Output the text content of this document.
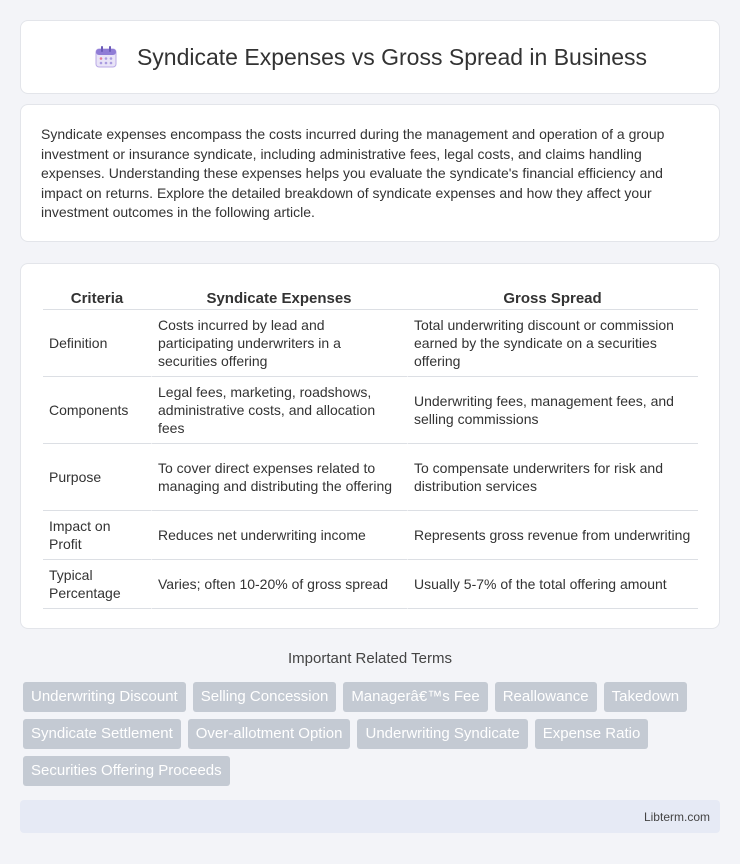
Syndicate Expenses vs Gross Spread in Business

Syndicate expenses encompass the costs incurred during the management and operation of a group investment or insurance syndicate, including administrative fees, legal costs, and claims handling expenses. Understanding these expenses helps you evaluate the syndicate's financial efficiency and impact on returns. Explore the detailed breakdown of syndicate expenses and how they affect your investment outcomes in the following article.

Criteria	Syndicate Expenses	Gross Spread
Definition	Costs incurred by lead and participating underwriters in a securities offering	Total underwriting discount or commission earned by the syndicate on a securities offering
Components	Legal fees, marketing, roadshows, administrative costs, and allocation fees	Underwriting fees, management fees, and selling commissions
Purpose	To cover direct expenses related to managing and distributing the offering	To compensate underwriters for risk and distribution services
Impact on Profit	Reduces net underwriting income	Represents gross revenue from underwriting
Typical Percentage	Varies; often 10-20% of gross spread	Usually 5-7% of the total offering amount
Important Related Terms
Underwriting Discount	Selling Concession	Managerâ€™s Fee	Reallowance	Takedown
Syndicate Settlement	Over-allotment Option	Underwriting Syndicate	Expense Ratio
Securities Offering Proceeds
Libterm.com
